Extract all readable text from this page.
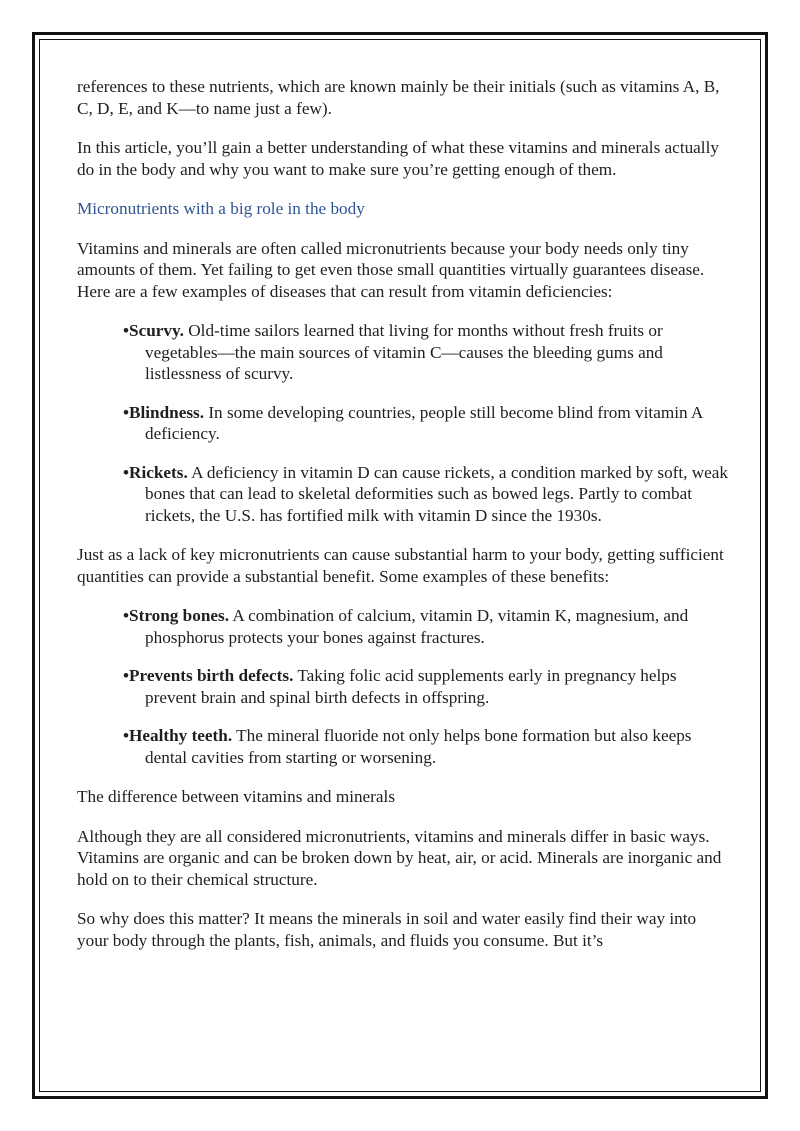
references to these nutrients, which are known mainly be their initials (such as vitamins A, B, C, D, E, and K—to name just a few).

In this article, you’ll gain a better understanding of what these vitamins and minerals actually do in the body and why you want to make sure you’re getting enough of them.

Micronutrients with a big role in the body

Vitamins and minerals are often called micronutrients because your body needs only tiny amounts of them. Yet failing to get even those small quantities virtually guarantees disease. Here are a few examples of diseases that can result from vitamin deficiencies:

•Scurvy. Old-time sailors learned that living for months without fresh fruits or vegetables—the main sources of vitamin C—causes the bleeding gums and listlessness of scurvy.
•Blindness. In some developing countries, people still become blind from vitamin A deficiency.
•Rickets. A deficiency in vitamin D can cause rickets, a condition marked by soft, weak bones that can lead to skeletal deformities such as bowed legs. Partly to combat rickets, the U.S. has fortified milk with vitamin D since the 1930s.

Just as a lack of key micronutrients can cause substantial harm to your body, getting sufficient quantities can provide a substantial benefit. Some examples of these benefits:

•Strong bones. A combination of calcium, vitamin D, vitamin K, magnesium, and phosphorus protects your bones against fractures.
•Prevents birth defects. Taking folic acid supplements early in pregnancy helps prevent brain and spinal birth defects in offspring.
•Healthy teeth. The mineral fluoride not only helps bone formation but also keeps dental cavities from starting or worsening.

The difference between vitamins and minerals

Although they are all considered micronutrients, vitamins and minerals differ in basic ways. Vitamins are organic and can be broken down by heat, air, or acid. Minerals are inorganic and hold on to their chemical structure.

So why does this matter? It means the minerals in soil and water easily find their way into your body through the plants, fish, animals, and fluids you consume. But it’s
